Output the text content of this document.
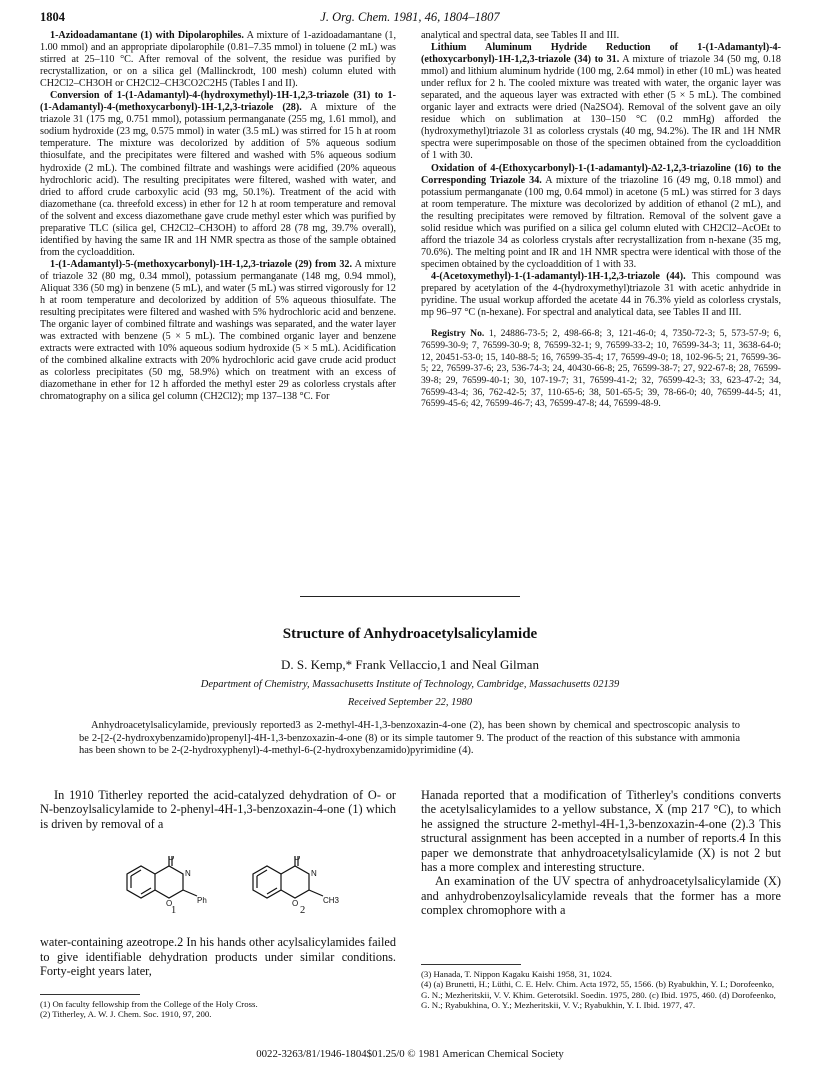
1804	J. Org. Chem. 1981, 46, 1804–1807

1-Azidoadamantane (1) with Dipolarophiles. A mixture of 1-azidoadamantane (1, 1.00 mmol) and an appropriate dipolarophile (0.81–7.35 mmol) in toluene (2 mL) was stirred at 25–110 °C. After removal of the solvent, the residue was purified by recrystallization, or on a silica gel (Mallinckrodt, 100 mesh) column eluted with CH2Cl2–CH3OH or CH2Cl2–CH3CO2C2H5 (Tables I and II).

Conversion of 1-(1-Adamantyl)-4-(hydroxymethyl)-1H-1,2,3-triazole (31) to 1-(1-Adamantyl)-4-(methoxycarbonyl)-1H-1,2,3-triazole (28). A mixture of the triazole 31 (175 mg, 0.751 mmol), potassium permanganate (255 mg, 1.61 mmol), and sodium hydroxide (23 mg, 0.575 mmol) in water (3.5 mL) was stirred for 15 h at room temperature. The mixture was decolorized by addition of 5% aqueous sodium thiosulfate, and the precipitates were filtered and washed with 5% aqueous sodium hydroxide (2 mL). The combined filtrate and washings were acidified (20% aqueous hydrochloric acid). The resulting precipitates were filtered, washed with water, and dried to afford crude carboxylic acid (93 mg, 50.1%). Treatment of the acid with diazomethane (ca. threefold excess) in ether for 12 h at room temperature and removal of the solvent and excess diazomethane gave crude methyl ester which was purified by preparative TLC (silica gel, CH2Cl2–CH3OH) to afford 28 (78 mg, 39.7% overall), identified by having the same IR and 1H NMR spectra as those of the sample obtained from the cycloaddition.

1-(1-Adamantyl)-5-(methoxycarbonyl)-1H-1,2,3-triazole (29) from 32. A mixture of triazole 32 (80 mg, 0.34 mmol), potassium permanganate (148 mg, 0.94 mmol), Aliquat 336 (50 mg) in benzene (5 mL), and water (5 mL) was stirred vigorously for 12 h at room temperature and decolorized by addition of 5% aqueous thiosulfate. The resulting precipitates were filtered and washed with 5% hydrochloric acid and benzene. The organic layer of combined filtrate and washings was separated, and the water layer was extracted with benzene (5 × 5 mL). The combined organic layer and benzene extracts were extracted with 10% aqueous sodium hydroxide (5 × 5 mL). Acidification of the combined alkaline extracts with 20% hydrochloric acid gave crude acid product as colorless precipitates (50 mg, 58.9%) which on treatment with an excess of diazomethane in ether for 12 h afforded the methyl ester 29 as colorless crystals after chromatography on a silica gel column (CH2Cl2); mp 137–138 °C. For

analytical and spectral data, see Tables II and III.

Lithium Aluminum Hydride Reduction of 1-(1-Adamantyl)-4-(ethoxycarbonyl)-1H-1,2,3-triazole (34) to 31. A mixture of triazole 34 (50 mg, 0.18 mmol) and lithium aluminum hydride (100 mg, 2.64 mmol) in ether (10 mL) was heated under reflux for 2 h. The cooled mixture was treated with water, the organic layer was separated, and the aqueous layer was extracted with ether (5 × 5 mL). The combined organic layer and extracts were dried (Na2SO4). Removal of the solvent gave an oily residue which on sublimation at 130–150 °C (0.2 mmHg) afforded the (hydroxymethyl)triazole 31 as colorless crystals (40 mg, 94.2%). The IR and 1H NMR spectra were superimposable on those of the specimen obtained from the cycloaddition of 1 with 30.

Oxidation of 4-(Ethoxycarbonyl)-1-(1-adamantyl)-Δ2-1,2,3-triazoline (16) to the Corresponding Triazole 34. A mixture of the triazoline 16 (49 mg, 0.18 mmol) and potassium permanganate (100 mg, 0.64 mmol) in acetone (5 mL) was stirred for 3 days at room temperature. The mixture was decolorized by addition of ethanol (2 mL), and the resulting precipitates were removed by filtration. Removal of the solvent gave a solid residue which was purified on a silica gel column eluted with CH2Cl2–AcOEt to afford the triazole 34 as colorless crystals after recrystallization from n-hexane (35 mg, 70.6%). The melting point and IR and 1H NMR spectra were identical with those of the specimen obtained by the cycloaddition of 1 with 33.

4-(Acetoxymethyl)-1-(1-adamantyl)-1H-1,2,3-triazole (44). This compound was prepared by acetylation of the 4-(hydroxymethyl)triazole 31 with acetic anhydride in pyridine. The usual workup afforded the acetate 44 in 76.3% yield as colorless crystals, mp 96–97 °C (n-hexane). For spectral and analytical data, see Tables II and III.

Registry No. 1, 24886-73-5; 2, 498-66-8; 3, 121-46-0; 4, 7350-72-3; 5, 573-57-9; 6, 76599-30-9; 7, 76599-30-9; 8, 76599-32-1; 9, 76599-33-2; 10, 76599-34-3; 11, 3638-64-0; 12, 20451-53-0; 15, 140-88-5; 16, 76599-35-4; 17, 76599-49-0; 18, 102-96-5; 21, 76599-36-5; 22, 76599-37-6; 23, 536-74-3; 24, 40430-66-8; 25, 76599-38-7; 27, 922-67-8; 28, 76599-39-8; 29, 76599-40-1; 30, 107-19-7; 31, 76599-41-2; 32, 76599-42-3; 33, 623-47-2; 34, 76599-43-4; 36, 762-42-5; 37, 110-65-6; 38, 501-65-5; 39, 78-66-0; 40, 76599-44-5; 41, 76599-45-6; 42, 76599-46-7; 43, 76599-47-8; 44, 76599-48-9.

Structure of Anhydroacetylsalicylamide
D. S. Kemp,* Frank Vellaccio,1 and Neal Gilman
Department of Chemistry, Massachusetts Institute of Technology, Cambridge, Massachusetts 02139
Received September 22, 1980
Anhydroacetylsalicylamide, previously reported3 as 2-methyl-4H-1,3-benzoxazin-4-one (2), has been shown by chemical and spectroscopic analysis to be 2-[2-(2-hydroxybenzamido)propenyl]-4H-1,3-benzoxazin-4-one (8) or its simple tautomer 9. The product of the reaction of this substance with ammonia has been shown to be 2-(2-hydroxyphenyl)-4-methyl-6-(2-hydroxybenzamido)pyrimidine (4).

In 1910 Titherley reported the acid-catalyzed dehydration of O- or N-benzoylsalicylamide to 2-phenyl-4H-1,3-benzoxazin-4-one (1) which is driven by removal of a

N
O
O
Ph
N
O
O
CH3
1	2

water-containing azeotrope.2 In his hands other acylsalicylamides failed to give identifiable dehydration products under similar conditions. Forty-eight years later,

Hanada reported that a modification of Titherley's conditions converts the acetylsalicylamides to a yellow substance, X (mp 217 °C), to which he assigned the structure 2-methyl-4H-1,3-benzoxazin-4-one (2).3 This structural assignment has been accepted in a number of reports.4 In this paper we demonstrate that anhydroacetylsalicylamide (X) is not 2 but has a more complex and interesting structure.

An examination of the UV spectra of anhydroacetylsalicylamide (X) and anhydrobenzoylsalicylamide reveals that the former has a more complex chromophore with a

(1) On faculty fellowship from the College of the Holy Cross.
(2) Titherley, A. W. J. Chem. Soc. 1910, 97, 200.
(3) Hanada, T. Nippon Kagaku Kaishi 1958, 31, 1024.
(4) (a) Brunetti, H.; Lüthi, C. E. Helv. Chim. Acta 1972, 55, 1566. (b) Ryabukhin, Y. I.; Dorofeenko, G. N.; Mezheritskii, V. V. Khim. Geterotsikl. Soedin. 1975, 280. (c) Ibid. 1975, 460. (d) Dorofeenko, G. N.; Ryabukhina, O. Y.; Mezheritskii, V. V.; Ryabukhin, Y. I. Ibid. 1977, 47.
0022-3263/81/1946-1804$01.25/0 © 1981 American Chemical Society
